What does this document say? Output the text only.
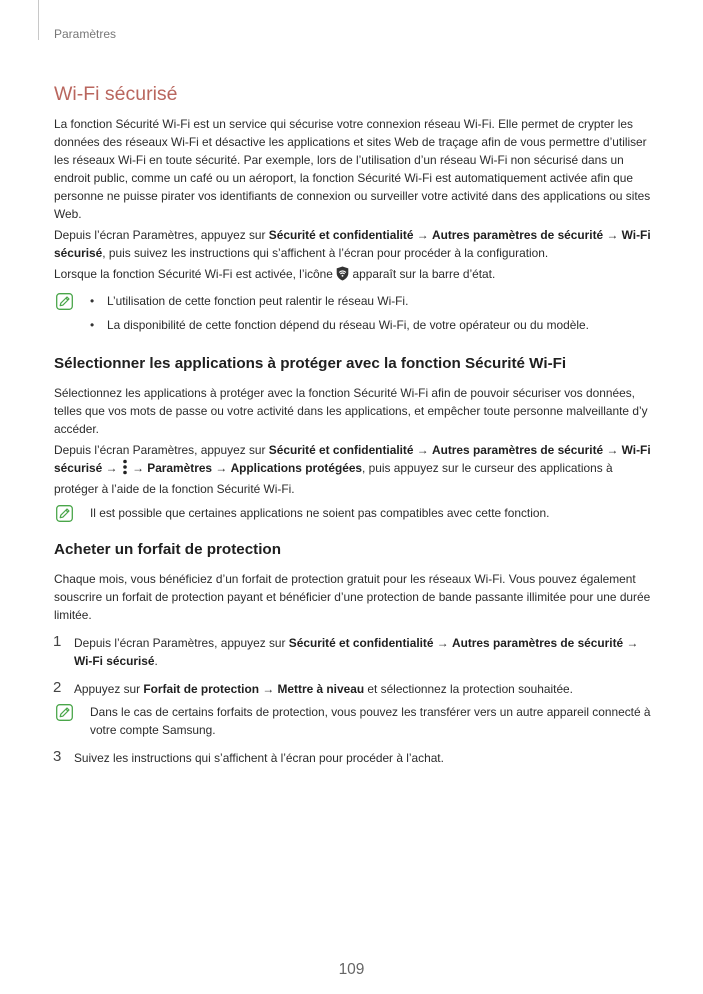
Paramètres
Wi-Fi sécurisé

La fonction Sécurité Wi-Fi est un service qui sécurise votre connexion réseau Wi-Fi. Elle permet de crypter les données des réseaux Wi-Fi et désactive les applications et sites Web de traçage afin de vous permettre d’utiliser les réseaux Wi-Fi en toute sécurité. Par exemple, lors de l’utilisation d’un réseau Wi-Fi non sécurisé dans un endroit public, comme un café ou un aéroport, la fonction Sécurité Wi-Fi est automatiquement activée afin que personne ne puisse pirater vos identifiants de connexion ou surveiller votre activité dans des applications ou sites Web.

Depuis l’écran Paramètres, appuyez sur Sécurité et confidentialité → Autres paramètres de sécurité → Wi-Fi sécurisé, puis suivez les instructions qui s’affichent à l’écran pour procéder à la configuration.

Lorsque la fonction Sécurité Wi-Fi est activée, l’icône  apparaît sur la barre d’état.

• L’utilisation de cette fonction peut ralentir le réseau Wi-Fi.
• La disponibilité de cette fonction dépend du réseau Wi-Fi, de votre opérateur ou du modèle.
Sélectionner les applications à protéger avec la fonction Sécurité Wi-Fi

Sélectionnez les applications à protéger avec la fonction Sécurité Wi-Fi afin de pouvoir sécuriser vos données, telles que vos mots de passe ou votre activité dans les applications, et empêcher toute personne malveillante d’y accéder.

Depuis l’écran Paramètres, appuyez sur Sécurité et confidentialité → Autres paramètres de sécurité → Wi-Fi sécurisé →  → Paramètres → Applications protégées, puis appuyez sur le curseur des applications à protéger à l’aide de la fonction Sécurité Wi-Fi.

Il est possible que certaines applications ne soient pas compatibles avec cette fonction.

Acheter un forfait de protection

Chaque mois, vous bénéficiez d’un forfait de protection gratuit pour les réseaux Wi-Fi. Vous pouvez également souscrire un forfait de protection payant et bénéficier d’une protection de bande passante illimitée pour une durée limitée.

1 Depuis l’écran Paramètres, appuyez sur Sécurité et confidentialité → Autres paramètres de sécurité → Wi-Fi sécurisé.
2 Appuyez sur Forfait de protection → Mettre à niveau et sélectionnez la protection souhaitée.

Dans le cas de certains forfaits de protection, vous pouvez les transférer vers un autre appareil connecté à votre compte Samsung.

3 Suivez les instructions qui s’affichent à l’écran pour procéder à l’achat.
109
